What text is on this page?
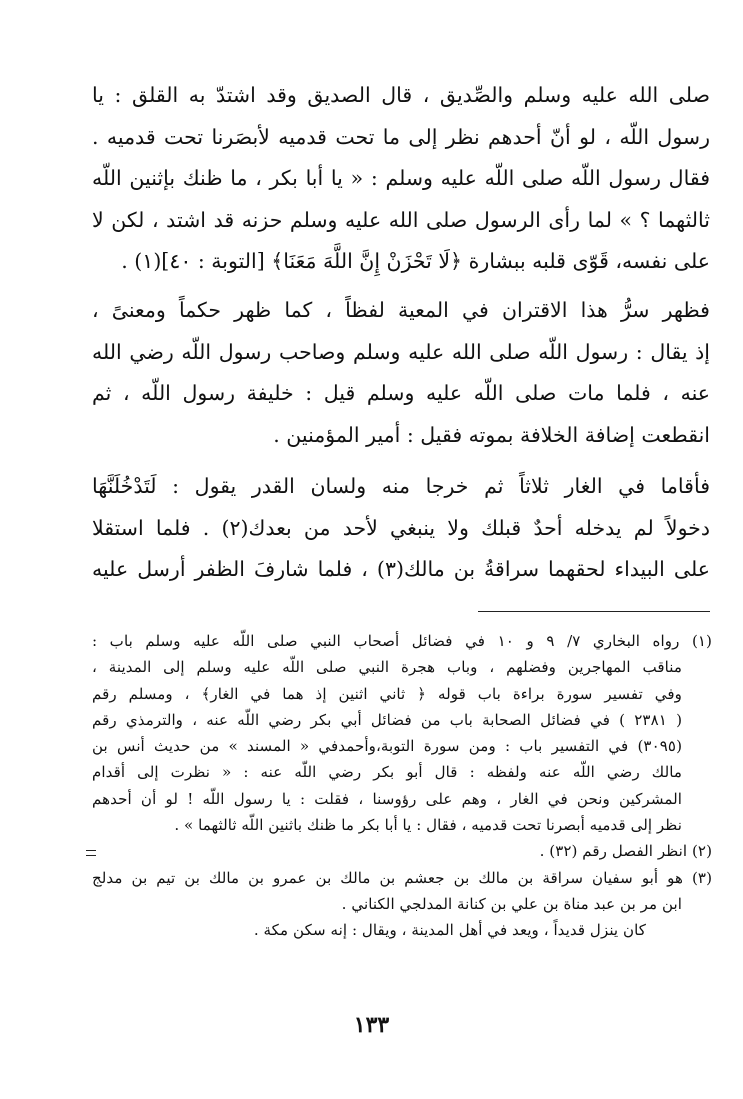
صلى الله عليه وسلم والصِّديق ، قال الصديق وقد اشتدّ به القلق : يا
رسول اللّه ، لو أنّ أحدهم نظر إلى ما تحت قدميه لأبصَرنا تحت قدميه .
فقال رسول اللّه صلى اللّه عليه وسلم : « يا أبا بكر ، ما ظنك بإثنين اللّه
ثالثهما ؟ » لما رأى الرسول صلى الله عليه وسلم حزنه قد اشتد ، لكن لا
على نفسه، قَوّى قلبه ببشارة ﴿لَا تَحْزَنْ إِنَّ اللَّهَ مَعَنَا﴾ [التوبة : ٤٠](١) .
فظهر سرُّ هذا الاقتران في المعية لفظاً ، كما ظهر حكماً ومعنىً ،
إذ يقال : رسول اللّه صلى الله عليه وسلم وصاحب رسول اللّه رضي الله
عنه ، فلما مات صلى اللّه عليه وسلم قيل : خليفة رسول اللّه ، ثم
انقطعت إضافة الخلافة بموته فقيل : أمير المؤمنين .
فأقاما في الغار ثلاثاً ثم خرجا منه ولسان القدر يقول : لَتَدْخُلَنَّهَا
دخولاً لم يدخله أحدٌ قبلك ولا ينبغي لأحد من بعدك(٢) . فلما استقلا
على البيداء لحقهما سراقةُ بن مالك(٣) ، فلما شارفَ الظفر أرسل عليه
(١) رواه البخاري ٧/ ٩ و ١٠ في فضائل أصحاب النبي صلى اللّه عليه وسلم باب :
مناقب المهاجرين وفضلهم ، وباب هجرة النبي صلى اللّه عليه وسلم إلى المدينة ،
وفي تفسير سورة براءة باب قوله ﴿ ثاني اثنين إذ هما في الغار﴾ ، ومسلم رقم
( ٢٣٨١ ) في فضائل الصحابة باب من فضائل أبي بكر رضي اللّه عنه ، والترمذي رقم
(٣٠٩٥) في التفسير باب : ومن سورة التوبة،وأحمدفي « المسند » من حديث أنس بن
مالك رضي اللّه عنه ولفظه : قال أبو بكر رضي اللّه عنه : « نظرت إلى أقدام
المشركين ونحن في الغار ، وهم على رؤوسنا ، فقلت : يا رسول اللّه ! لو أن أحدهم
نظر إلى قدميه أبصرنا تحت قدميه ، فقال : يا أبا بكر ما ظنك باثنين اللّه ثالثهما » .
(٢) انظر الفصل رقم (٣٢) .
(٣) هو أبو سفيان سراقة بن مالك بن جعشم بن مالك بن عمرو بن مالك بن تيم بن مدلج
ابن مر بن عبد مناة بن علي بن كنانة المدلجي الكناني .
كان ينزل قديداً ، ويعد في أهل المدينة ، ويقال : إنه سكن مكة .
١٣٣
